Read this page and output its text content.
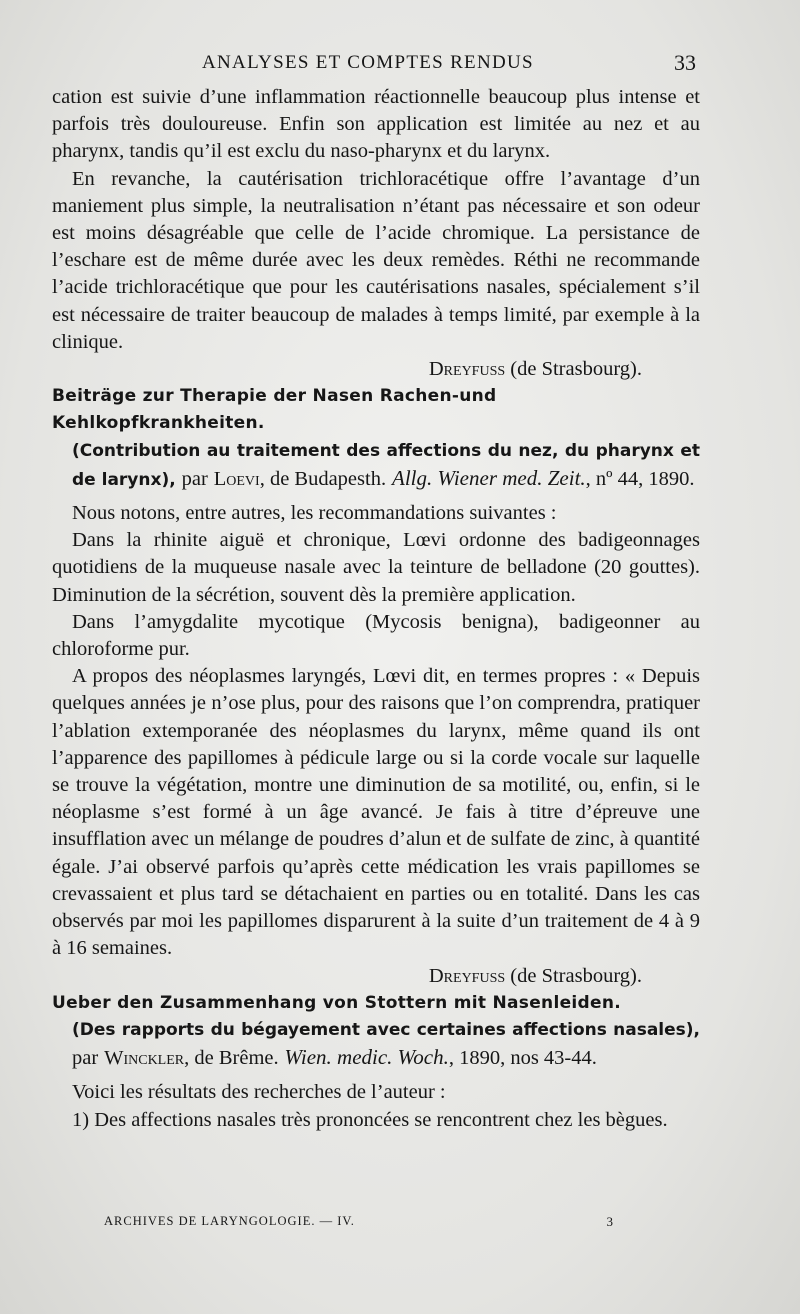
ANALYSES ET COMPTES RENDUS	33

cation est suivie d’une inflammation réactionnelle beaucoup plus intense et parfois très douloureuse. Enfin son application est limitée au nez et au pharynx, tandis qu’il est exclu du naso-pharynx et du larynx.

En revanche, la cautérisation trichloracétique offre l’avantage d’un maniement plus simple, la neutralisation n’étant pas nécessaire et son odeur est moins désagréable que celle de l’acide chromique. La persistance de l’eschare est de même durée avec les deux remèdes. Réthi ne recommande l’acide trichloracétique que pour les cautérisations nasales, spécialement s’il est nécessaire de traiter beaucoup de malades à temps limité, par exemple à la clinique.

Dreyfuss (de Strasbourg).
Beiträge zur Therapie der Nasen Rachen-und Kehlkopfkrankheiten.
(Contribution au traitement des affections du nez, du pharynx et de larynx), par Loevi, de Budapesth. Allg. Wiener med. Zeit., nº 44, 1890.

Nous notons, entre autres, les recommandations suivantes :

Dans la rhinite aiguë et chronique, Lœvi ordonne des badigeonnages quotidiens de la muqueuse nasale avec la teinture de belladone (20 gouttes). Diminution de la sécrétion, souvent dès la première application.

Dans l’amygdalite mycotique (Mycosis benigna), badigeonner au chloroforme pur.

A propos des néoplasmes laryngés, Lœvi dit, en termes propres : « Depuis quelques années je n’ose plus, pour des raisons que l’on comprendra, pratiquer l’ablation extemporanée des néoplasmes du larynx, même quand ils ont l’apparence des papillomes à pédicule large ou si la corde vocale sur laquelle se trouve la végétation, montre une diminution de sa motilité, ou, enfin, si le néoplasme s’est formé à un âge avancé. Je fais à titre d’épreuve une insufflation avec un mélange de poudres d’alun et de sulfate de zinc, à quantité égale. J’ai observé parfois qu’après cette médication les vrais papillomes se crevassaient et plus tard se détachaient en parties ou en totalité. Dans les cas observés par moi les papillomes disparurent à la suite d’un traitement de 4 à 9 à 16 semaines.

Dreyfuss (de Strasbourg).
Ueber den Zusammenhang von Stottern mit Nasenleiden.
(Des rapports du bégayement avec certaines affections nasales), par Winckler, de Brême. Wien. medic. Woch., 1890, nos 43-44.

Voici les résultats des recherches de l’auteur :

1) Des affections nasales très prononcées se rencontrent chez les bègues.

ARCHIVES DE LARYNGOLOGIE. — IV.	3
